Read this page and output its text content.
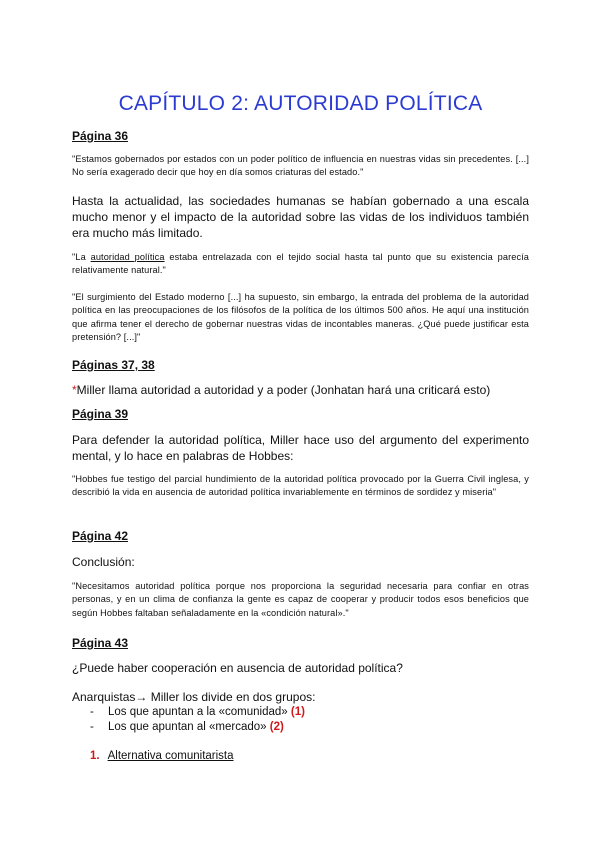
CAPÍTULO 2: AUTORIDAD POLÍTICA
Página 36
"Estamos gobernados por estados con un poder político de influencia en nuestras vidas sin precedentes. [...] No sería exagerado decir que hoy en día somos criaturas del estado."
Hasta la actualidad, las sociedades humanas se habían gobernado a una escala mucho menor y el impacto de la autoridad sobre las vidas de los individuos también era mucho más limitado.
"La autoridad política estaba entrelazada con el tejido social hasta tal punto que su existencia parecía relativamente natural."
"El surgimiento del Estado moderno [...] ha supuesto, sin embargo, la entrada del problema de la autoridad política en las preocupaciones de los filósofos de la política de los últimos 500 años. He aquí una institución que afirma tener el derecho de gobernar nuestras vidas de incontables maneras. ¿Qué puede justificar esta pretensión? [...]"
Páginas 37, 38
*Miller llama autoridad a autoridad y a poder (Jonhatan hará una criticará esto)
Página 39
Para defender la autoridad política, Miller hace uso del argumento del experimento mental, y lo hace en palabras de Hobbes:
"Hobbes fue testigo del parcial hundimiento de la autoridad política provocado por la Guerra Civil inglesa, y describió la vida en ausencia de autoridad política invariablemente en términos de sordidez y miseria"
Página 42
Conclusión:
"Necesitamos autoridad política porque nos proporciona la seguridad necesaria para confiar en otras personas, y en un clima de confianza la gente es capaz de cooperar y producir todos esos beneficios que según Hobbes faltaban señaladamente en la «condición natural»."
Página 43
¿Puede haber cooperación en ausencia de autoridad política?
Anarquistas→ Miller los divide en dos grupos:
- Los que apuntan a la «comunidad» (1)
- Los que apuntan al «mercado» (2)
1. Alternativa comunitarista
